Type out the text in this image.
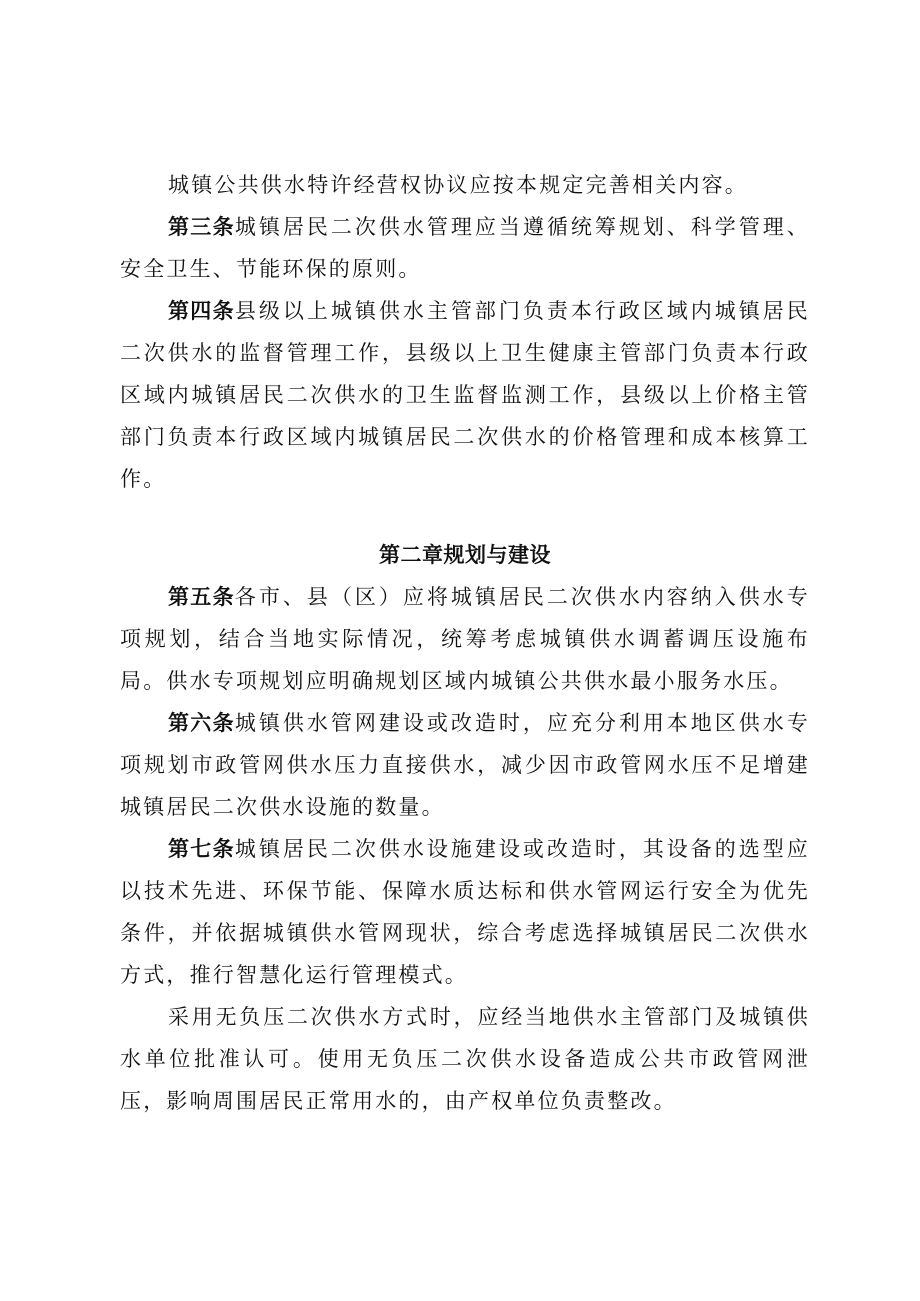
城镇公共供水特许经营权协议应按本规定完善相关内容。

第三条城镇居民二次供水管理应当遵循统筹规划、科学管理、安全卫生、节能环保的原则。

第四条县级以上城镇供水主管部门负责本行政区域内城镇居民二次供水的监督管理工作，县级以上卫生健康主管部门负责本行政区域内城镇居民二次供水的卫生监督监测工作，县级以上价格主管部门负责本行政区域内城镇居民二次供水的价格管理和成本核算工作。

第二章规划与建设

第五条各市、县（区）应将城镇居民二次供水内容纳入供水专项规划，结合当地实际情况，统筹考虑城镇供水调蓄调压设施布局。供水专项规划应明确规划区域内城镇公共供水最小服务水压。

第六条城镇供水管网建设或改造时，应充分利用本地区供水专项规划市政管网供水压力直接供水，减少因市政管网水压不足增建城镇居民二次供水设施的数量。

第七条城镇居民二次供水设施建设或改造时，其设备的选型应以技术先进、环保节能、保障水质达标和供水管网运行安全为优先条件，并依据城镇供水管网现状，综合考虑选择城镇居民二次供水方式，推行智慧化运行管理模式。

采用无负压二次供水方式时，应经当地供水主管部门及城镇供水单位批准认可。使用无负压二次供水设备造成公共市政管网泄压，影响周围居民正常用水的，由产权单位负责整改。
